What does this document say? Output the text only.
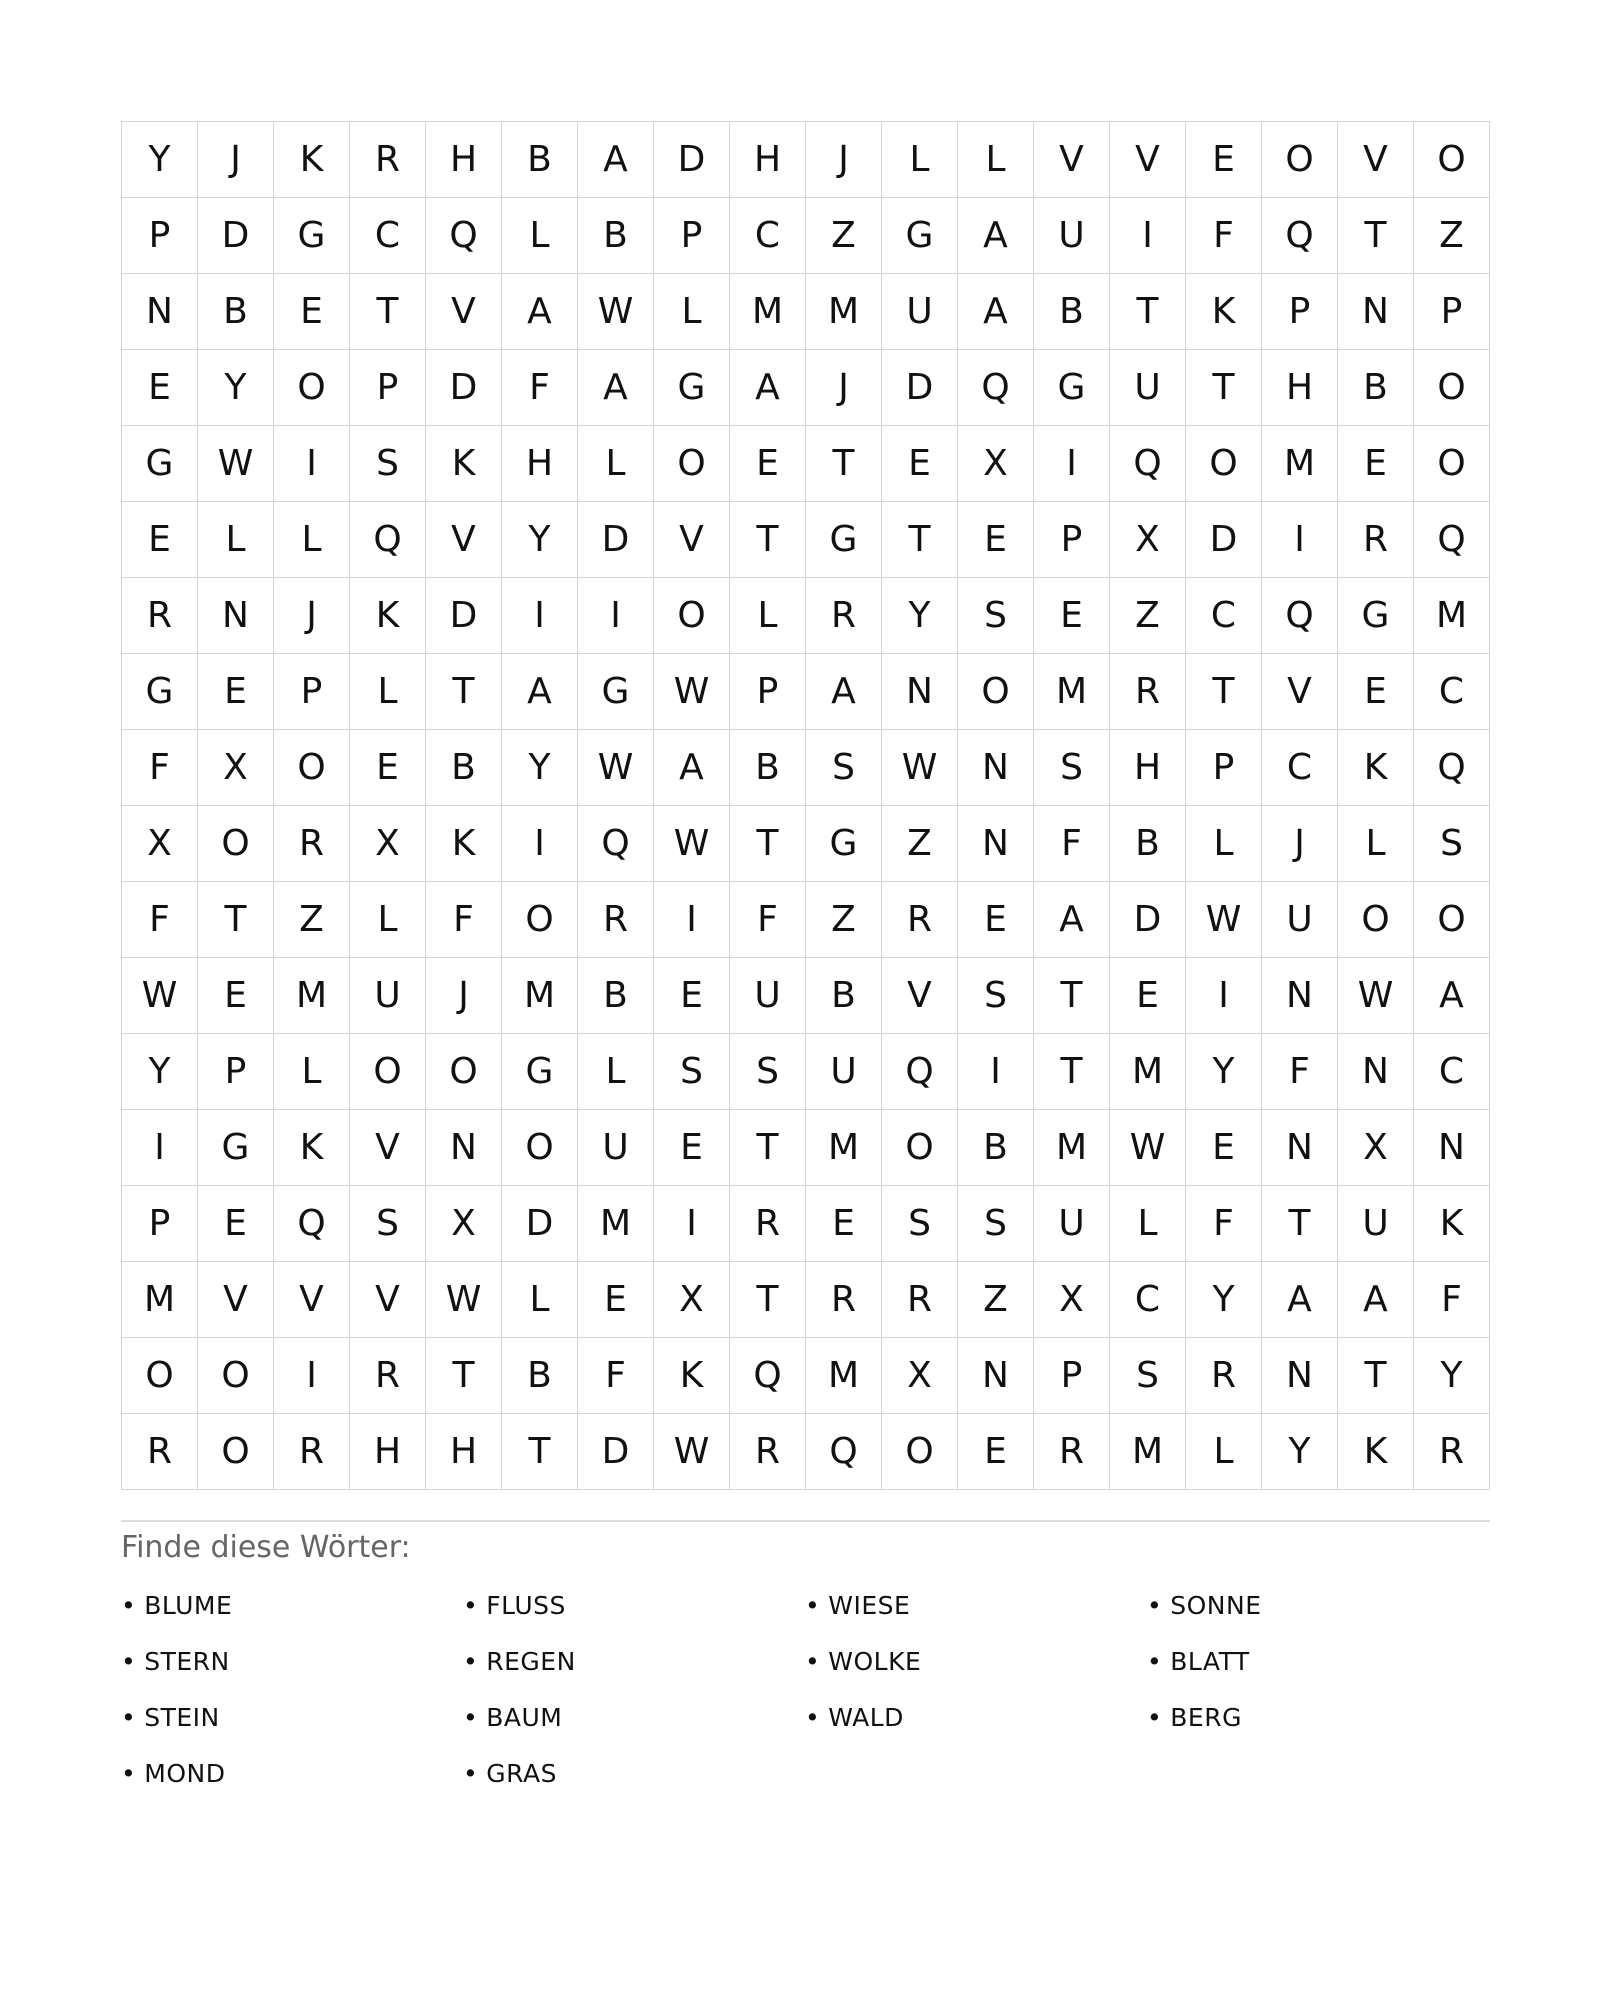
Y	J	K	R	H	B	A	D	H	J	L	L	V	V	E	O	V	O
P	D	G	C	Q	L	B	P	C	Z	G	A	U	I	F	Q	T	Z
N	B	E	T	V	A	W	L	M	M	U	A	B	T	K	P	N	P
E	Y	O	P	D	F	A	G	A	J	D	Q	G	U	T	H	B	O
G	W	I	S	K	H	L	O	E	T	E	X	I	Q	O	M	E	O
E	L	L	Q	V	Y	D	V	T	G	T	E	P	X	D	I	R	Q
R	N	J	K	D	I	I	O	L	R	Y	S	E	Z	C	Q	G	M
G	E	P	L	T	A	G	W	P	A	N	O	M	R	T	V	E	C
F	X	O	E	B	Y	W	A	B	S	W	N	S	H	P	C	K	Q
X	O	R	X	K	I	Q	W	T	G	Z	N	F	B	L	J	L	S
F	T	Z	L	F	O	R	I	F	Z	R	E	A	D	W	U	O	O
W	E	M	U	J	M	B	E	U	B	V	S	T	E	I	N	W	A
Y	P	L	O	O	G	L	S	S	U	Q	I	T	M	Y	F	N	C
I	G	K	V	N	O	U	E	T	M	O	B	M	W	E	N	X	N
P	E	Q	S	X	D	M	I	R	E	S	S	U	L	F	T	U	K
M	V	V	V	W	L	E	X	T	R	R	Z	X	C	Y	A	A	F
O	O	I	R	T	B	F	K	Q	M	X	N	P	S	R	N	T	Y
R	O	R	H	H	T	D	W	R	Q	O	E	R	M	L	Y	K	R
Finde diese Wörter:
• BLUME	• FLUSS	• WIESE	• SONNE
• STERN	• REGEN	• WOLKE	• BLATT
• STEIN	• BAUM	• WALD	• BERG
• MOND	• GRAS
